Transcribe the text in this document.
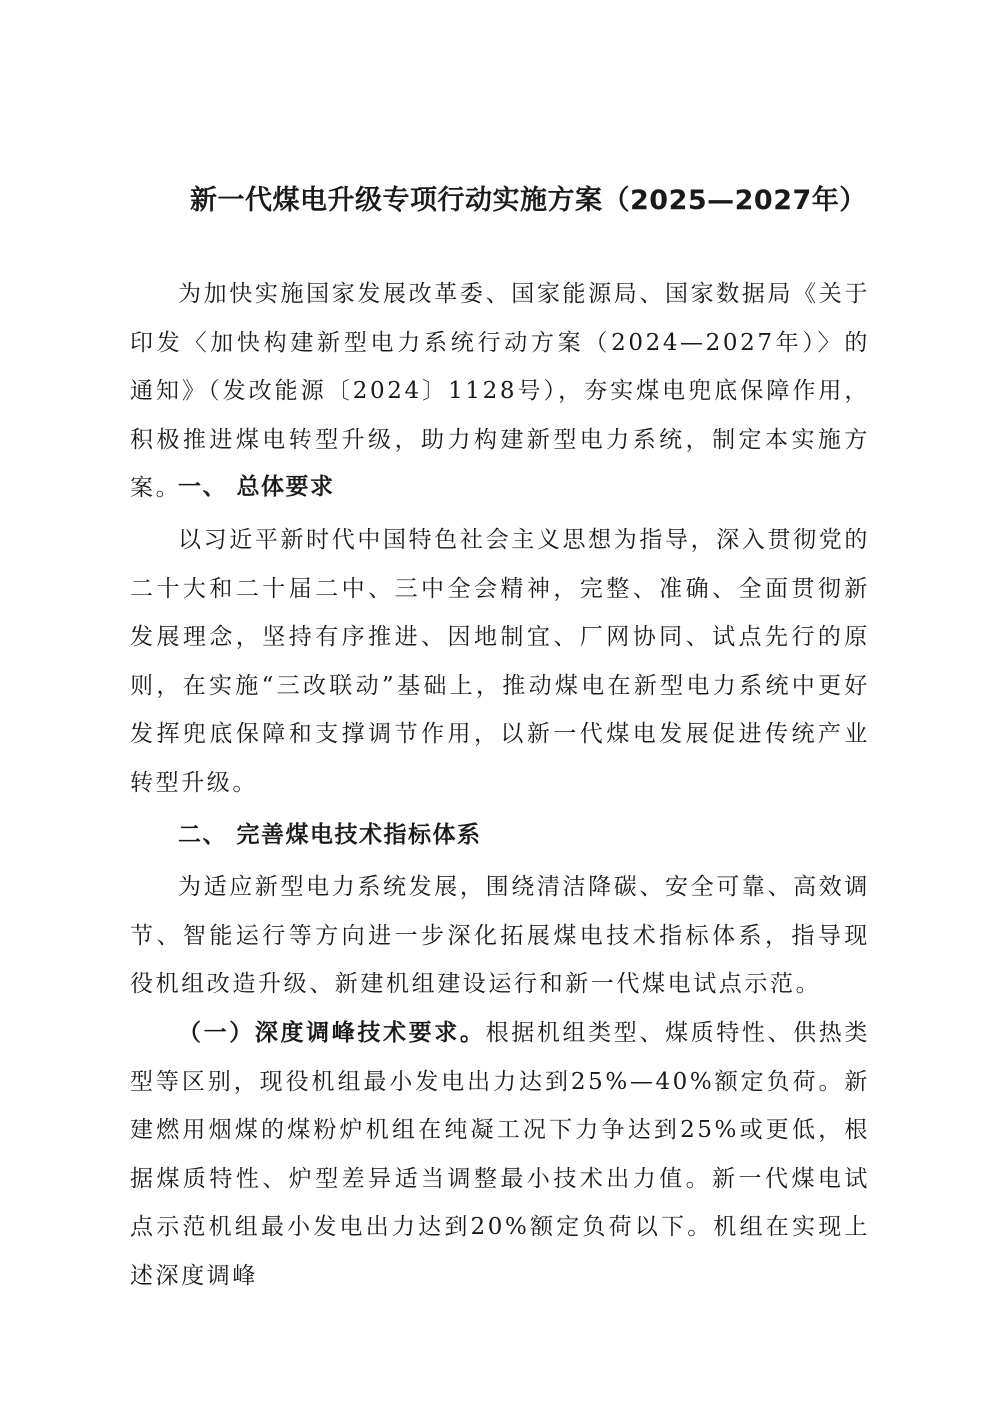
新一代煤电升级专项行动实施方案（2025—2027年）
为加快实施国家发展改革委、国家能源局、国家数据局《关于印发〈加快构建新型电力系统行动方案（2024—2027年）〉的通知》（发改能源〔2024〕1128号），夯实煤电兜底保障作用，积极推进煤电转型升级，助力构建新型电力系统，制定本实施方案。
一、 总体要求
以习近平新时代中国特色社会主义思想为指导，深入贯彻党的二十大和二十届二中、三中全会精神，完整、准确、全面贯彻新发展理念，坚持有序推进、因地制宜、厂网协同、试点先行的原则，在实施“三改联动”基础上，推动煤电在新型电力系统中更好发挥兜底保障和支撑调节作用，以新一代煤电发展促进传统产业转型升级。
二、 完善煤电技术指标体系
为适应新型电力系统发展，围绕清洁降碳、安全可靠、高效调节、智能运行等方向进一步深化拓展煤电技术指标体系，指导现役机组改造升级、新建机组建设运行和新一代煤电试点示范。
（一）深度调峰技术要求。根据机组类型、煤质特性、供热类型等区别，现役机组最小发电出力达到25%—40%额定负荷。新建燃用烟煤的煤粉炉机组在纯凝工况下力争达到25%或更低，根据煤质特性、炉型差异适当调整最小技术出力值。新一代煤电试点示范机组最小发电出力达到20%额定负荷以下。机组在实现上述深度调峰
